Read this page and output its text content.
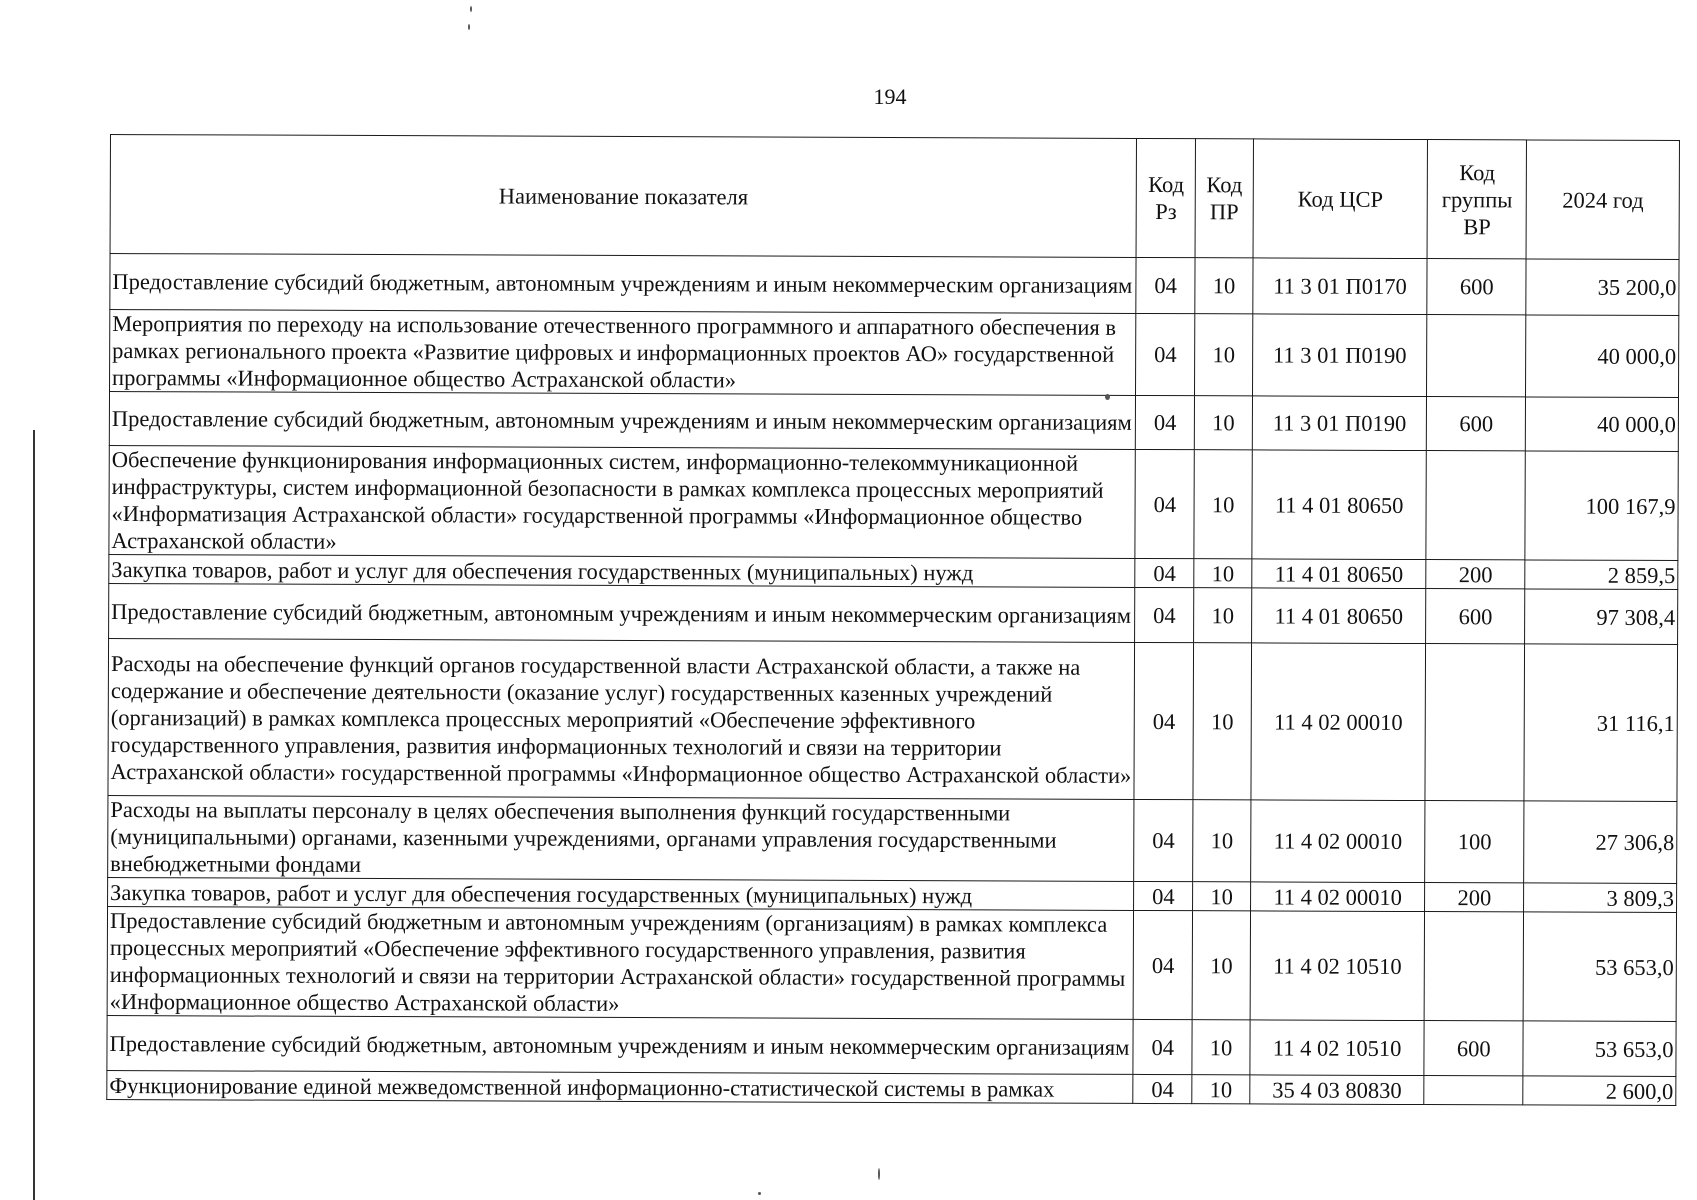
194
Наименование показателя	Код Рз	Код ПР	Код ЦСР	Код группы ВР	2024 год
Предоставление субсидий бюджетным, автономным учреждениям и иным некоммерческим организациям	04	10	11 3 01 П0170	600	35 200,0
Мероприятия по переходу на использование отечественного программного и аппаратного обеспечения в рамках регионального проекта «Развитие цифровых и информационных проектов АО» государственной программы «Информационное общество Астраханской области»	04	10	11 3 01 П0190		40 000,0
Предоставление субсидий бюджетным, автономным учреждениям и иным некоммерческим организациям	04	10	11 3 01 П0190	600	40 000,0
Обеспечение функционирования информационных систем, информационно-телекоммуникационной инфраструктуры, систем информационной безопасности в рамках комплекса процессных мероприятий «Информатизация Астраханской области» государственной программы «Информационное общество Астраханской области»	04	10	11 4 01 80650		100 167,9
Закупка товаров, работ и услуг для обеспечения государственных (муниципальных) нужд	04	10	11 4 01 80650	200	2 859,5
Предоставление субсидий бюджетным, автономным учреждениям и иным некоммерческим организациям	04	10	11 4 01 80650	600	97 308,4
Расходы на обеспечение функций органов государственной власти Астраханской области, а также на содержание и обеспечение деятельности (оказание услуг) государственных казенных учреждений (организаций) в рамках комплекса процессных мероприятий «Обеспечение эффективного государственного управления, развития информационных технологий и связи на территории Астраханской области» государственной программы «Информационное общество Астраханской области»	04	10	11 4 02 00010		31 116,1
Расходы на выплаты персоналу в целях обеспечения выполнения функций государственными (муниципальными) органами, казенными учреждениями, органами управления государственными внебюджетными фондами	04	10	11 4 02 00010	100	27 306,8
Закупка товаров, работ и услуг для обеспечения государственных (муниципальных) нужд	04	10	11 4 02 00010	200	3 809,3
Предоставление субсидий бюджетным и автономным учреждениям (организациям) в рамках комплекса процессных мероприятий «Обеспечение эффективного государственного управления, развития информационных технологий и связи на территории Астраханской области» государственной программы «Информационное общество Астраханской области»	04	10	11 4 02 10510		53 653,0
Предоставление субсидий бюджетным, автономным учреждениям и иным некоммерческим организациям	04	10	11 4 02 10510	600	53 653,0
Функционирование единой межведомственной информационно-статистической системы в рамках	04	10	35 4 03 80830		2 600,0
